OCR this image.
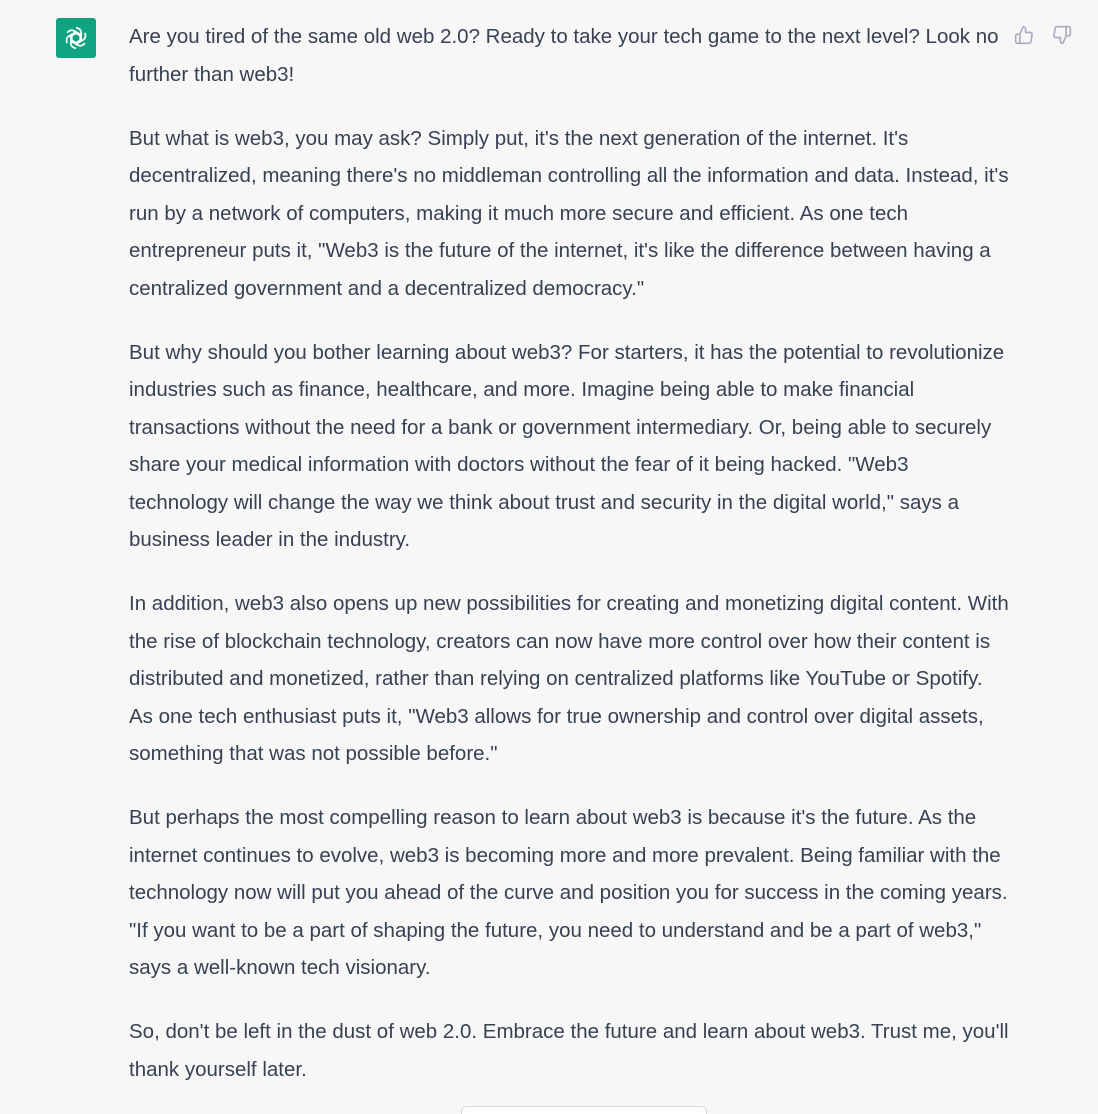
Are you tired of the same old web 2.0? Ready to take your tech game to the next level? Look no further than web3!

But what is web3, you may ask? Simply put, it's the next generation of the internet. It's decentralized, meaning there's no middleman controlling all the information and data. Instead, it's run by a network of computers, making it much more secure and efficient. As one tech entrepreneur puts it, "Web3 is the future of the internet, it's like the difference between having a centralized government and a decentralized democracy."

But why should you bother learning about web3? For starters, it has the potential to revolutionize industries such as finance, healthcare, and more. Imagine being able to make financial transactions without the need for a bank or government intermediary. Or, being able to securely share your medical information with doctors without the fear of it being hacked. "Web3 technology will change the way we think about trust and security in the digital world," says a business leader in the industry.

In addition, web3 also opens up new possibilities for creating and monetizing digital content. With the rise of blockchain technology, creators can now have more control over how their content is distributed and monetized, rather than relying on centralized platforms like YouTube or Spotify. As one tech enthusiast puts it, "Web3 allows for true ownership and control over digital assets, something that was not possible before."

But perhaps the most compelling reason to learn about web3 is because it's the future. As the internet continues to evolve, web3 is becoming more and more prevalent. Being familiar with the technology now will put you ahead of the curve and position you for success in the coming years. "If you want to be a part of shaping the future, you need to understand and be a part of web3," says a well-known tech visionary.

So, don't be left in the dust of web 2.0. Embrace the future and learn about web3. Trust me, you'll thank yourself later.
